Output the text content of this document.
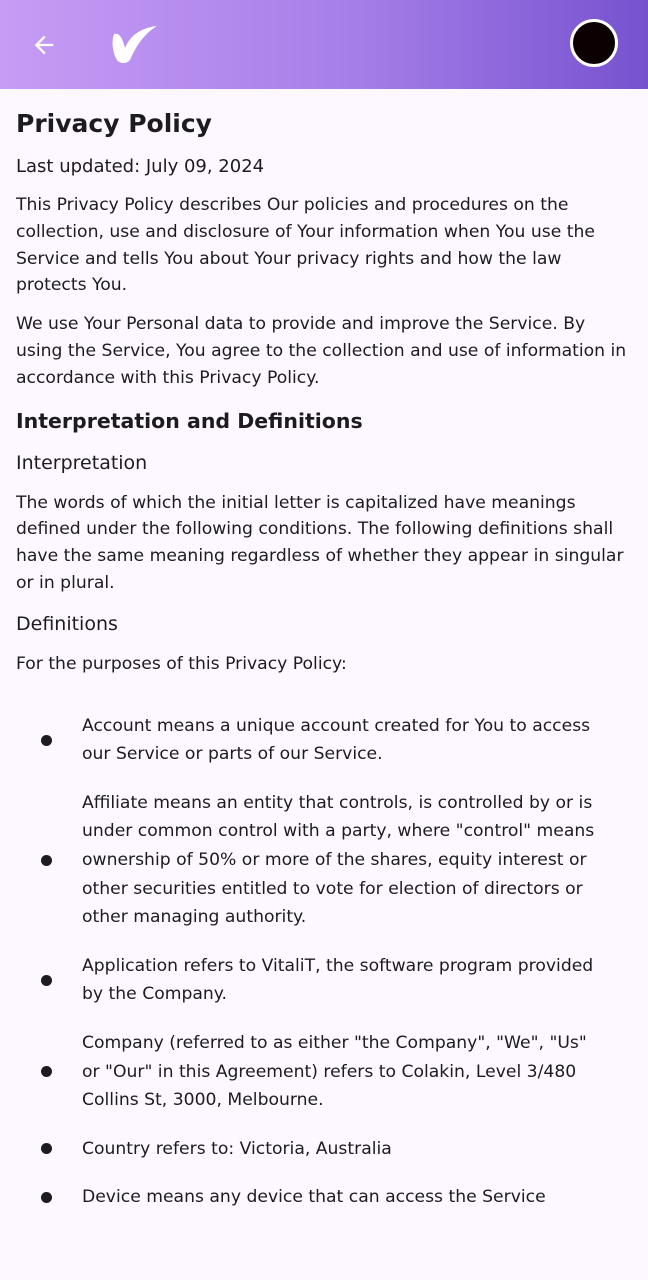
Privacy Policy
Last updated: July 09, 2024

This Privacy Policy describes Our policies and procedures on the collection, use and disclosure of Your information when You use the Service and tells You about Your privacy rights and how the law protects You.

We use Your Personal data to provide and improve the Service. By using the Service, You agree to the collection and use of information in accordance with this Privacy Policy.

Interpretation and Definitions
Interpretation

The words of which the initial letter is capitalized have meanings defined under the following conditions. The following definitions shall have the same meaning regardless of whether they appear in singular or in plural.

Definitions

For the purposes of this Privacy Policy:

Account means a unique account created for You to access our Service or parts of our Service.
Affiliate means an entity that controls, is controlled by or is under common control with a party, where "control" means ownership of 50% or more of the shares, equity interest or other securities entitled to vote for election of directors or other managing authority.
Application refers to VitaliT, the software program provided by the Company.
Company (referred to as either "the Company", "We", "Us" or "Our" in this Agreement) refers to Colakin, Level 3/480 Collins St, 3000, Melbourne.
Country refers to: Victoria, Australia
Device means any device that can access the Service
